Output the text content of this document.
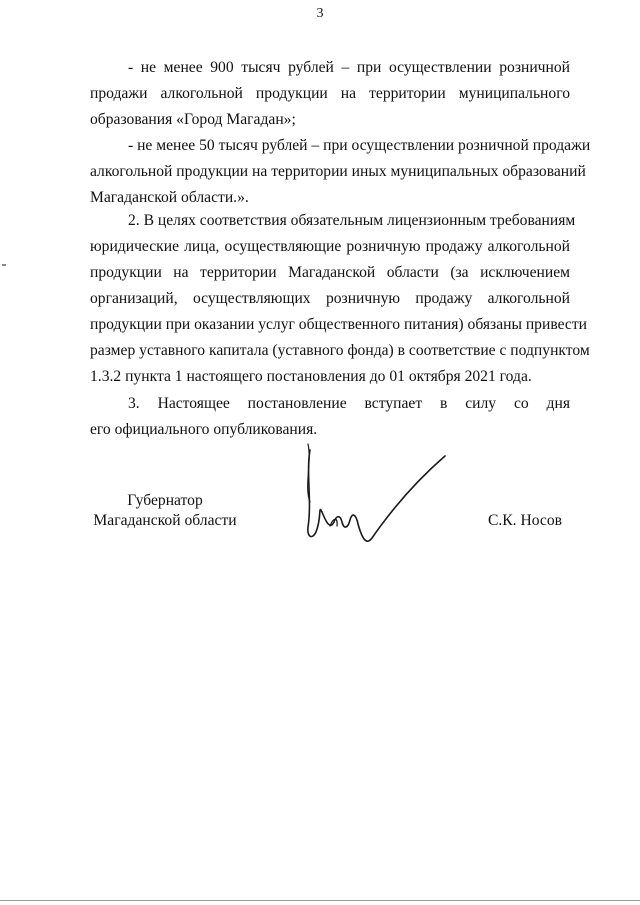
3
- не менее 900 тысяч рублей – при осуществлении розничной
продажи алкогольной продукции на территории муниципального
образования «Город Магадан»;
- не менее 50 тысяч рублей – при осуществлении розничной продажи
алкогольной продукции на территории иных муниципальных образований
Магаданской области.».
2. В целях соответствия обязательным лицензионным требованиям
юридические лица, осуществляющие розничную продажу алкогольной
продукции на территории Магаданской области (за исключением
организаций, осуществляющих розничную продажу алкогольной
продукции при оказании услуг общественного питания) обязаны привести
размер уставного капитала (уставного фонда) в соответствие с подпунктом
1.3.2 пункта 1 настоящего постановления до 01 октября 2021 года.
3. Настоящее постановление вступает в силу со дня
его официального опубликования.
Губернатор
Магаданской области	С.К. Носов
